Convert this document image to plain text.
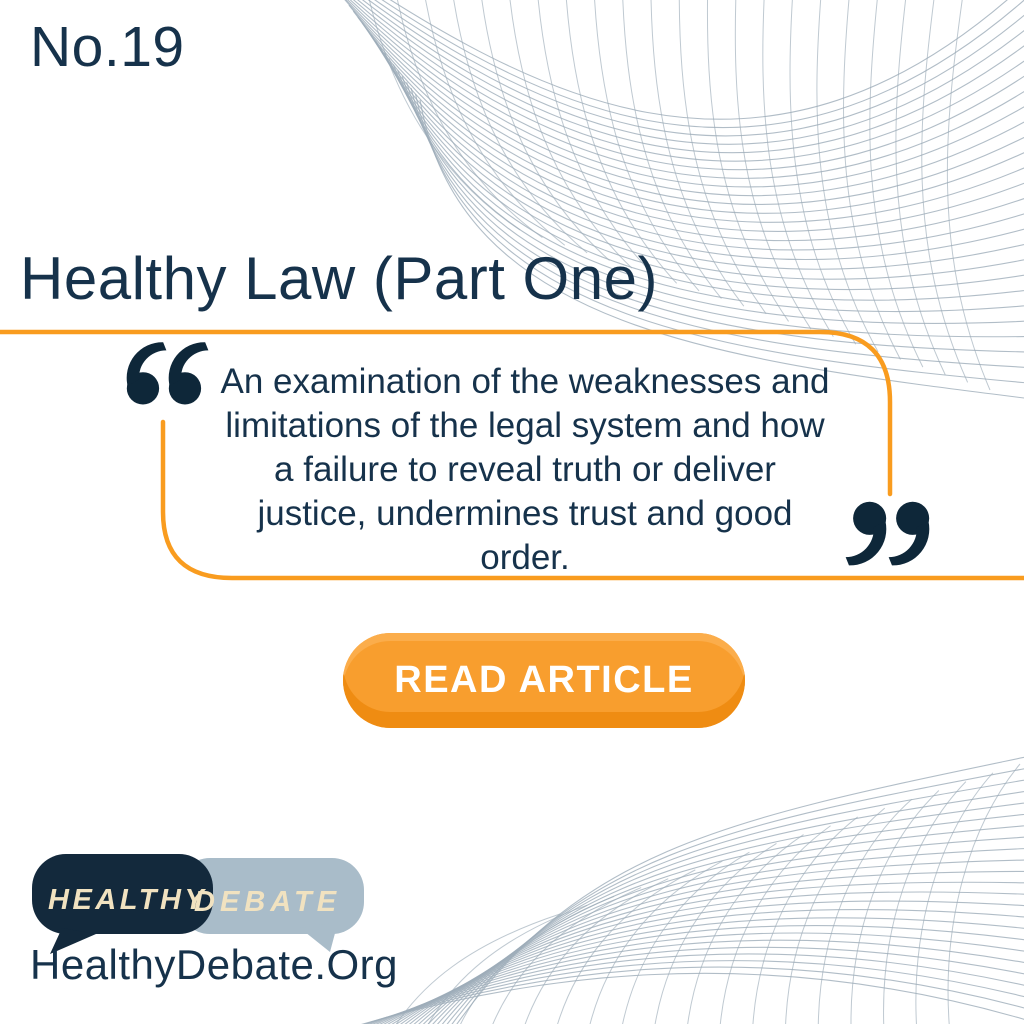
No.19
Healthy Law (Part One)
An examination of the weaknesses and
limitations of the legal system and how
a failure to reveal truth or deliver
justice, undermines trust and good
order.
READ ARTICLE
HEALTHY
DEBATE
HealthyDebate.Org
